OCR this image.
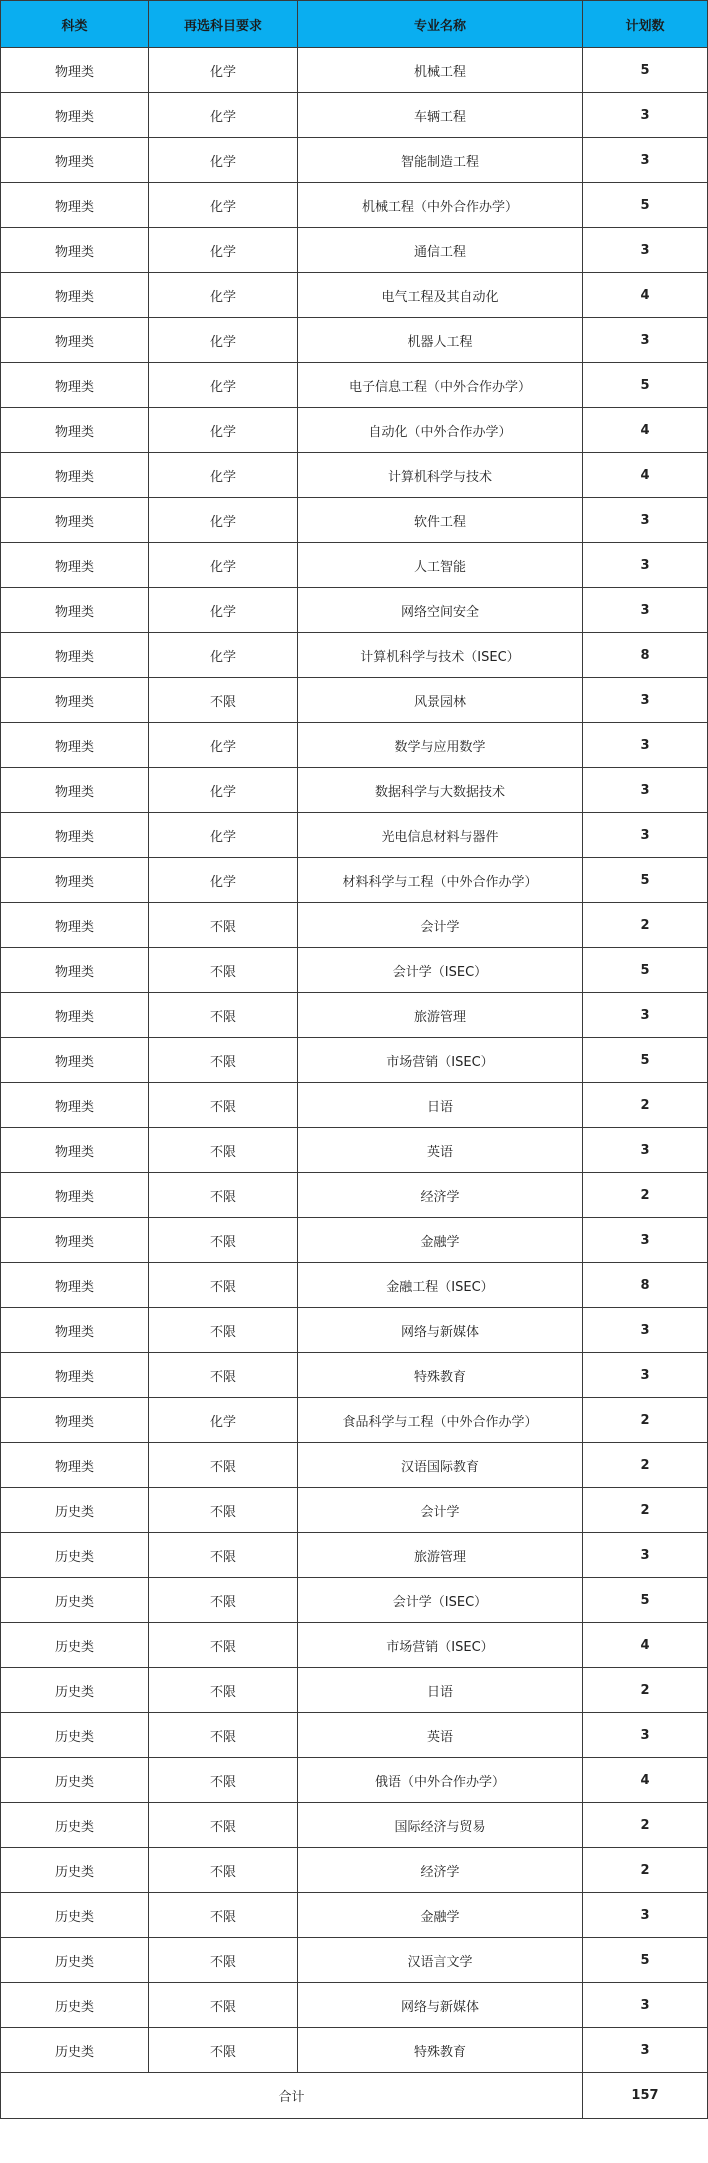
科类	再选科目要求	专业名称	计划数
物理类	化学	机械工程	5
物理类	化学	车辆工程	3
物理类	化学	智能制造工程	3
物理类	化学	机械工程（中外合作办学）	5
物理类	化学	通信工程	3
物理类	化学	电气工程及其自动化	4
物理类	化学	机器人工程	3
物理类	化学	电子信息工程（中外合作办学）	5
物理类	化学	自动化（中外合作办学）	4
物理类	化学	计算机科学与技术	4
物理类	化学	软件工程	3
物理类	化学	人工智能	3
物理类	化学	网络空间安全	3
物理类	化学	计算机科学与技术（ISEC）	8
物理类	不限	风景园林	3
物理类	化学	数学与应用数学	3
物理类	化学	数据科学与大数据技术	3
物理类	化学	光电信息材料与器件	3
物理类	化学	材料科学与工程（中外合作办学）	5
物理类	不限	会计学	2
物理类	不限	会计学（ISEC）	5
物理类	不限	旅游管理	3
物理类	不限	市场营销（ISEC）	5
物理类	不限	日语	2
物理类	不限	英语	3
物理类	不限	经济学	2
物理类	不限	金融学	3
物理类	不限	金融工程（ISEC）	8
物理类	不限	网络与新媒体	3
物理类	不限	特殊教育	3
物理类	化学	食品科学与工程（中外合作办学）	2
物理类	不限	汉语国际教育	2
历史类	不限	会计学	2
历史类	不限	旅游管理	3
历史类	不限	会计学（ISEC）	5
历史类	不限	市场营销（ISEC）	4
历史类	不限	日语	2
历史类	不限	英语	3
历史类	不限	俄语（中外合作办学）	4
历史类	不限	国际经济与贸易	2
历史类	不限	经济学	2
历史类	不限	金融学	3
历史类	不限	汉语言文学	5
历史类	不限	网络与新媒体	3
历史类	不限	特殊教育	3
合计			157
